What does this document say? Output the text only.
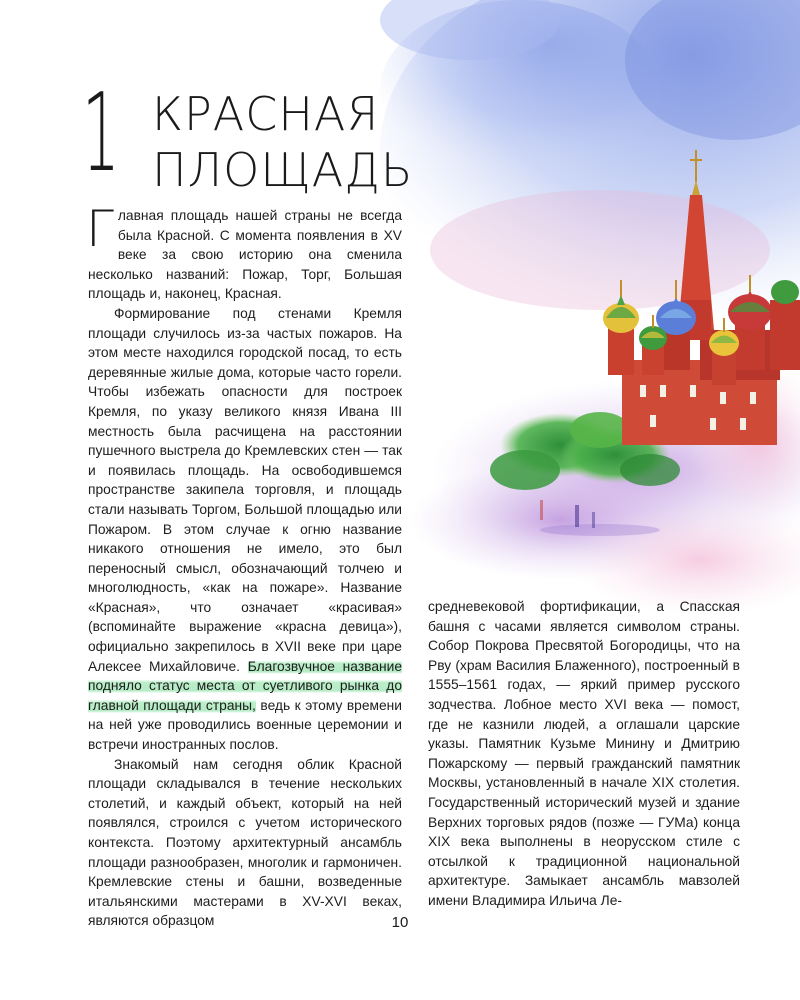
1 КРАСНАЯ ПЛОЩАДЬ

Главная площадь нашей страны не всегда была Красной. С момента появления в XV веке за свою историю она сменила несколько названий: Пожар, Торг, Большая площадь и, наконец, Красная.

Формирование под стенами Кремля площади случилось из-за частых пожаров. На этом месте находился городской посад, то есть деревянные жилые дома, которые часто горели. Чтобы избежать опасности для построек Кремля, по указу великого князя Ивана III местность была расчищена на расстоянии пушечного выстрела до Кремлевских стен — так и появилась площадь. На освободившемся пространстве закипела торговля, и площадь стали называть Торгом, Большой площадью или Пожаром. В этом случае к огню название никакого отношения не имело, это был переносный смысл, обозначающий толчею и многолюдность, «как на пожаре». Название «Красная», что означает «красивая» (вспоминайте выражение «красна девица»), официально закрепилось в XVII веке при царе Алексее Михайловиче. Благозвучное название подняло статус места от суетливого рынка до главной площади страны, ведь к этому времени на ней уже проводились военные церемонии и встречи иностранных послов.

Знакомый нам сегодня облик Красной площади складывался в течение нескольких столетий, и каждый объект, который на ней появлялся, строился с учетом исторического контекста. Поэтому архитектурный ансамбль площади разнообразен, многолик и гармоничен. Кремлевские стены и башни, возведенные итальянскими мастерами в XV-XVI веках, являются образцом

средневековой фортификации, а Спасская башня с часами является символом страны. Собор Покрова Пресвятой Богородицы, что на Рву (храм Василия Блаженного), построенный в 1555–1561 годах, — яркий пример русского зодчества. Лобное место XVI века — помост, где не казнили людей, а оглашали царские указы. Памятник Кузьме Минину и Дмитрию Пожарскому — первый гражданский памятник Москвы, установленный в начале XIX столетия. Государственный исторический музей и здание Верхних торговых рядов (позже — ГУМа) конца XIX века выполнены в неорусском стиле с отсылкой к традиционной национальной архитектуре. Замыкает ансамбль мавзолей имени Владимира Ильича Ле-

10
